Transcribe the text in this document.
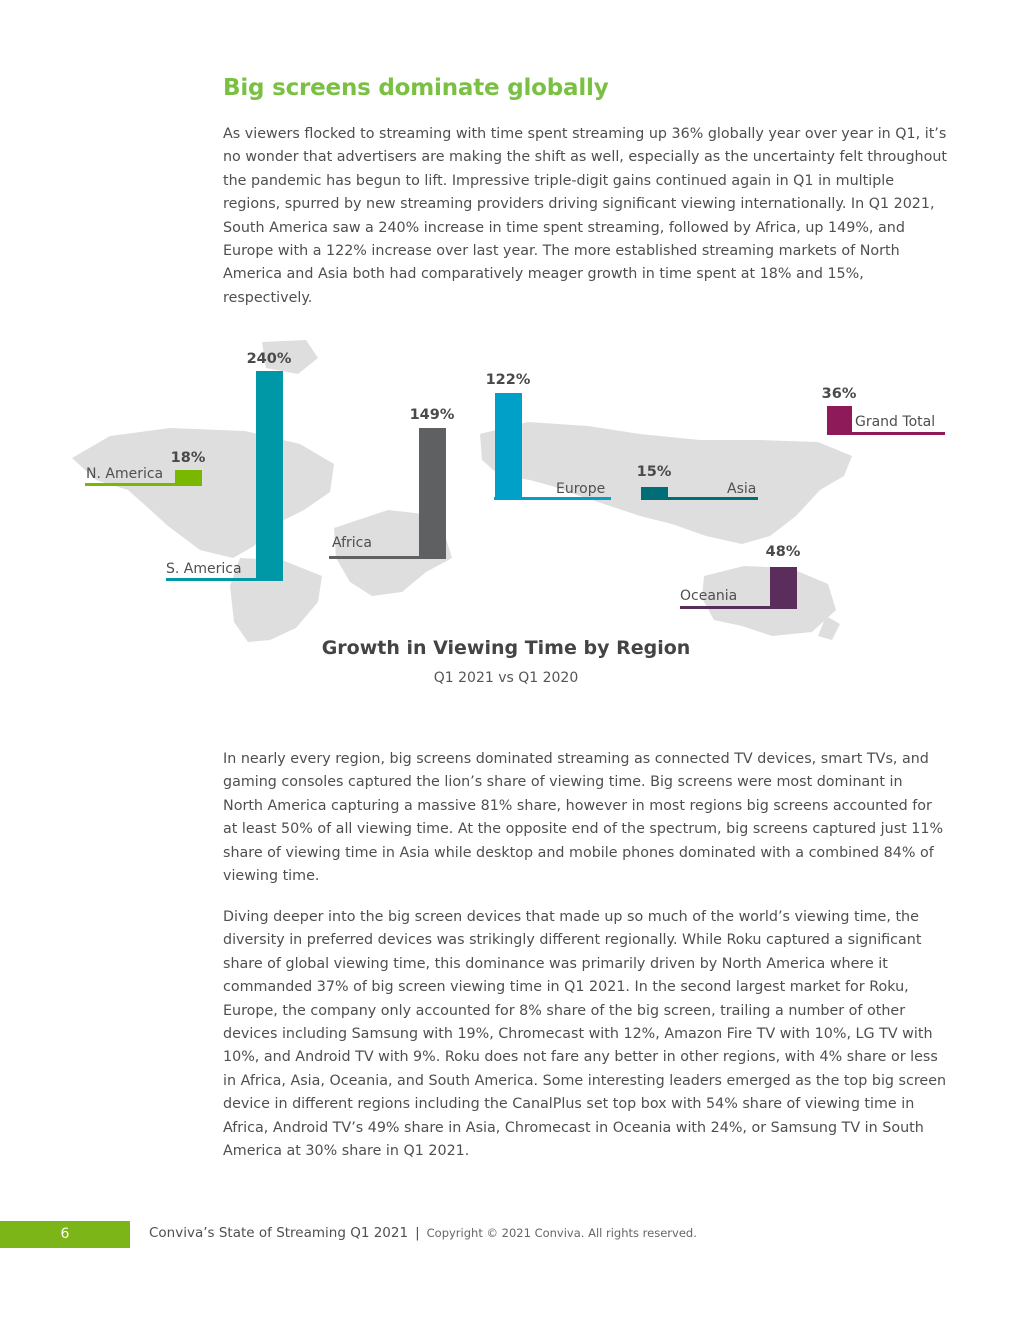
Big screens dominate globally

As viewers flocked to streaming with time spent streaming up 36% globally year over year in Q1, it’s no wonder that advertisers are making the shift as well, especially as the uncertainty felt throughout the pandemic has begun to lift. Impressive triple-digit gains continued again in Q1 in multiple regions, spurred by new streaming providers driving significant viewing internationally. In Q1 2021, South America saw a 240% increase in time spent streaming, followed by Africa, up 149%, and Europe with a 122% increase over last year. The more established streaming markets of North America and Asia both had comparatively meager growth in time spent at 18% and 15%, respectively.

18%
N. America
240%
S. America
149%
Africa
122%
Europe
15%
Asia
48%
Oceania
36%
Grand Total
Growth in Viewing Time by Region
Q1 2021 vs Q1 2020

In nearly every region, big screens dominated streaming as connected TV devices, smart TVs, and gaming consoles captured the lion’s share of viewing time. Big screens were most dominant in North America capturing a massive 81% share, however in most regions big screens accounted for at least 50% of all viewing time. At the opposite end of the spectrum, big screens captured just 11% share of viewing time in Asia while desktop and mobile phones dominated with a combined 84% of viewing time.

Diving deeper into the big screen devices that made up so much of the world’s viewing time, the diversity in preferred devices was strikingly different regionally. While Roku captured a significant share of global viewing time, this dominance was primarily driven by North America where it commanded 37% of big screen viewing time in Q1 2021. In the second largest market for Roku, Europe, the company only accounted for 8% share of the big screen, trailing a number of other devices including Samsung with 19%, Chromecast with 12%, Amazon Fire TV with 10%, LG TV with 10%, and Android TV with 9%. Roku does not fare any better in other regions, with 4% share or less in Africa, Asia, Oceania, and South America. Some interesting leaders emerged as the top big screen device in different regions including the CanalPlus set top box with 54% share of viewing time in Africa, Android TV’s 49% share in Asia, Chromecast in Oceania with 24%, or Samsung TV in South America at 30% share in Q1 2021.

6	Conviva’s State of Streaming Q1 2021 | Copyright © 2021 Conviva. All rights reserved.
